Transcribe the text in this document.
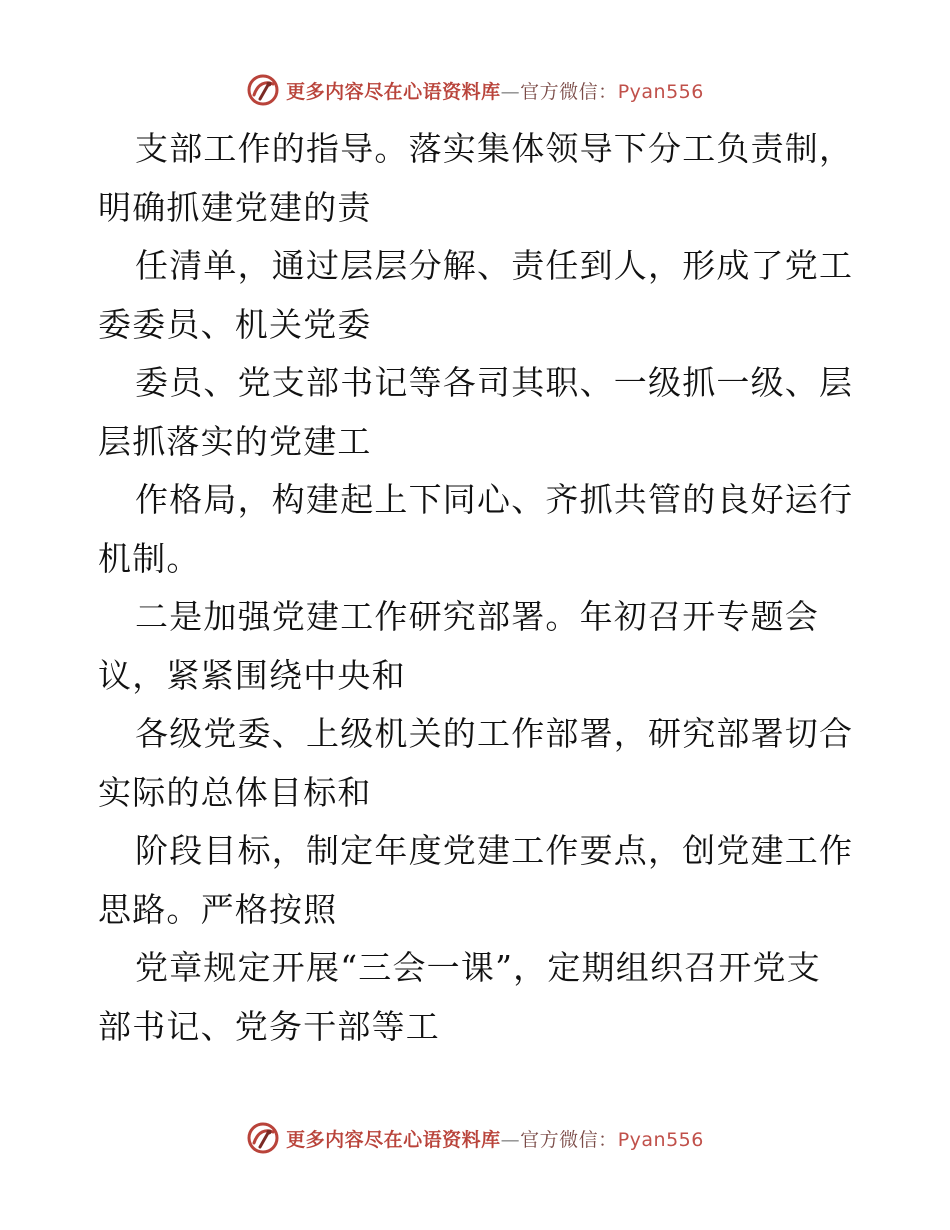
更多内容尽在心语资料库—官方微信：Pyan556
支部工作的指导。落实集体领导下分工负责制，
明确抓建党建的责
任清单，通过层层分解、责任到人，形成了党工
委委员、机关党委
委员、党支部书记等各司其职、一级抓一级、层
层抓落实的党建工
作格局，构建起上下同心、齐抓共管的良好运行
机制。
二是加强党建工作研究部署。年初召开专题会
议，紧紧围绕中央和
各级党委、上级机关的工作部署，研究部署切合
实际的总体目标和
阶段目标，制定年度党建工作要点，创党建工作
思路。严格按照
党章规定开展“三会一课”，定期组织召开党支
部书记、党务干部等工
更多内容尽在心语资料库—官方微信：Pyan556
